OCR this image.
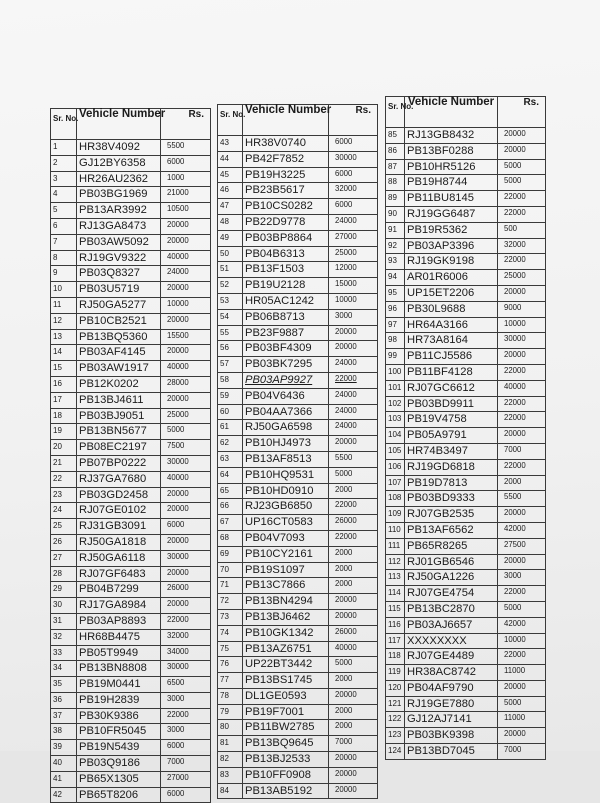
Sr. No.	Vehicle Number	Rs.
1	HR38V4092	5500
2	GJ12BY6358	6000
3	HR26AU2362	1000
4	PB03BG1969	21000
5	PB13AR3992	10500
6	RJ13GA8473	20000
7	PB03AW5092	20000
8	RJ19GV9322	40000
9	PB03Q8327	24000
10	PB03U5719	20000
11	RJ50GA5277	10000
12	PB10CB2521	20000
13	PB13BQ5360	15500
14	PB03AF4145	20000
15	PB03AW1917	40000
16	PB12K0202	28000
17	PB13BJ4611	20000
18	PB03BJ9051	25000
19	PB13BN5677	5000
20	PB08EC2197	7500
21	PB07BP0222	30000
22	RJ37GA7680	40000
23	PB03GD2458	20000
24	RJ07GE0102	20000
25	RJ31GB3091	6000
26	RJ50GA1818	20000
27	RJ50GA6118	30000
28	RJ07GF6483	20000
29	PB04B7299	26000
30	RJ17GA8984	20000
31	PB03AP8893	22000
32	HR68B4475	32000
33	PB05T9949	34000
34	PB13BN8808	30000
35	PB19M0441	6500
36	PB19H2839	3000
37	PB30K9386	22000
38	PB10FR5045	3000
39	PB19N5439	6000
40	PB03Q9186	7000
41	PB65X1305	27000
42	PB65T8206	6000
Sr. No.	Vehicle Number	Rs.
43	HR38V0740	6000
44	PB42F7852	30000
45	PB19H3225	6000
46	PB23B5617	32000
47	PB10CS0282	6000
48	PB22D9778	24000
49	PB03BP8864	27000
50	PB04B6313	25000
51	PB13F1503	12000
52	PB19U2128	15000
53	HR05AC1242	10000
54	PB06B8713	3000
55	PB23F9887	20000
56	PB03BF4309	20000
57	PB03BK7295	24000
58	PB03AP9927	22000
59	PB04V6436	24000
60	PB04AA7366	24000
61	RJ50GA6598	24000
62	PB10HJ4973	20000
63	PB13AF8513	5500
64	PB10HQ9531	5000
65	PB10HD0910	2000
66	RJ23GB6850	22000
67	UP16CT0583	26000
68	PB04V7093	22000
69	PB10CY2161	2000
70	PB19S1097	2000
71	PB13C7866	2000
72	PB13BN4294	20000
73	PB13BJ6462	20000
74	PB10GK1342	26000
75	PB13AZ6751	40000
76	UP22BT3442	5000
77	PB13BS1745	2000
78	DL1GE0593	20000
79	PB19F7001	2000
80	PB11BW2785	2000
81	PB13BQ9645	7000
82	PB13BJ2533	20000
83	PB10FF0908	20000
84	PB13AB5192	20000
Sr. No.	Vehicle Number	Rs.
85	RJ13GB8432	20000
86	PB13BF0288	20000
87	PB10HR5126	5000
88	PB19H8744	5000
89	PB11BU8145	22000
90	RJ19GG6487	22000
91	PB19R5362	500
92	PB03AP3396	32000
93	RJ19GK9198	22000
94	AR01R6006	25000
95	UP15ET2206	20000
96	PB30L9688	9000
97	HR64A3166	10000
98	HR73A8164	30000
99	PB11CJ5586	20000
100	PB11BF4128	22000
101	RJ07GC6612	40000
102	PB03BD9911	22000
103	PB19V4758	22000
104	PB05A9791	20000
105	HR74B3497	7000
106	RJ19GD6818	22000
107	PB19D7813	2000
108	PB03BD9333	5500
109	RJ07GB2535	20000
110	PB13AF6562	42000
111	PB65R8265	27500
112	RJ01GB6546	20000
113	RJ50GA1226	3000
114	RJ07GE4754	22000
115	PB13BC2870	5000
116	PB03AJ6657	42000
117	XXXXXXXX	10000
118	RJ07GE4489	22000
119	HR38AC8742	11000
120	PB04AF9790	20000
121	RJ19GE7880	5000
122	GJ12AJ7141	11000
123	PB03BK9398	20000
124	PB13BD7045	7000
